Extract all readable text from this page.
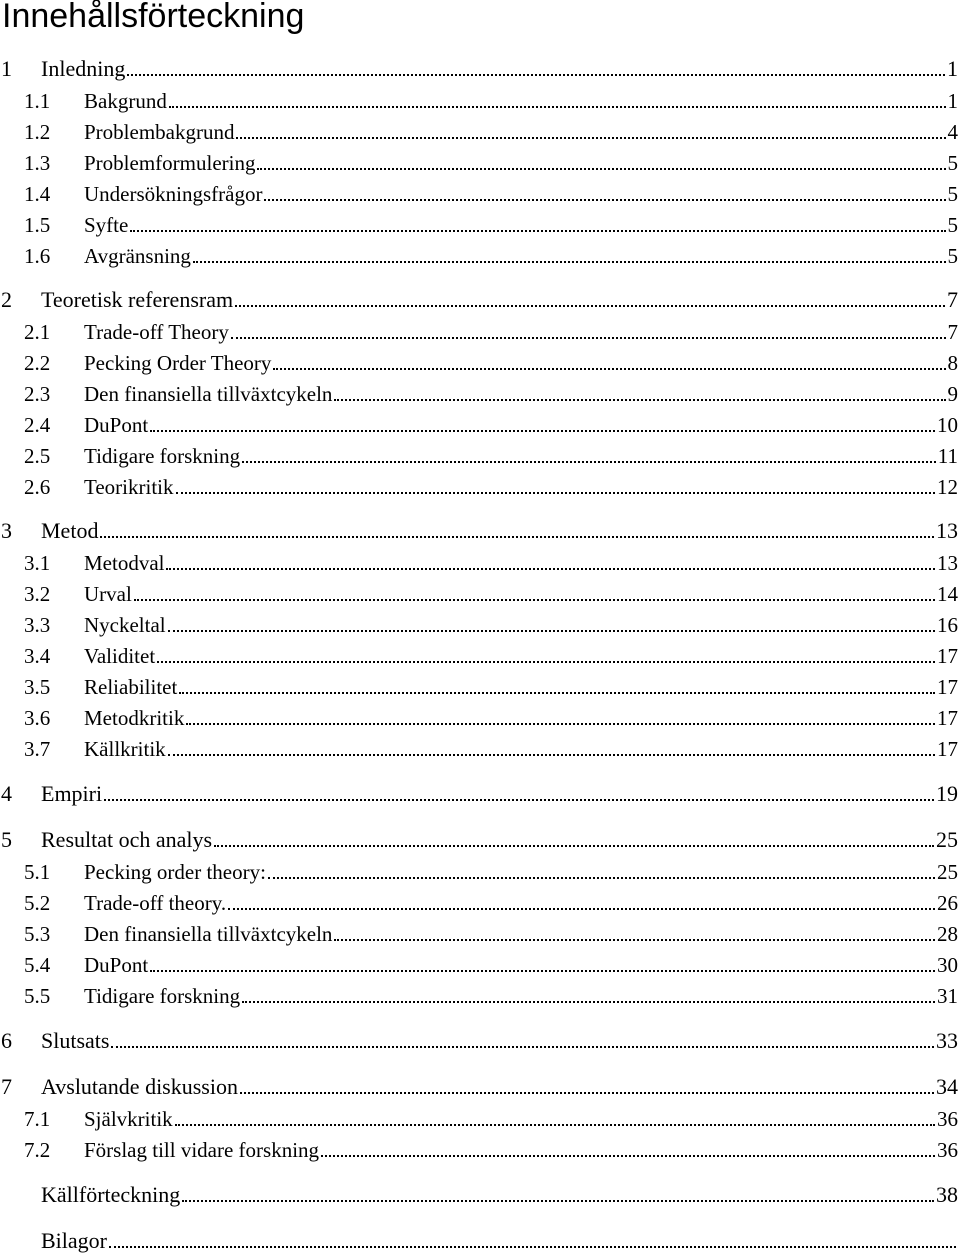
Innehållsförteckning
1	Inledning	1
1.1	Bakgrund	1
1.2	Problembakgrund	4
1.3	Problemformulering	5
1.4	Undersökningsfrågor	5
1.5	Syfte	5
1.6	Avgränsning	5
2	Teoretisk referensram	7
2.1	Trade-off Theory	7
2.2	Pecking Order Theory	8
2.3	Den finansiella tillväxtcykeln	9
2.4	DuPont	10
2.5	Tidigare forskning	11
2.6	Teorikritik	12
3	Metod	13
3.1	Metodval	13
3.2	Urval	14
3.3	Nyckeltal	16
3.4	Validitet	17
3.5	Reliabilitet	17
3.6	Metodkritik	17
3.7	Källkritik	17
4	Empiri	19
5	Resultat och analys	25
5.1	Pecking order theory:	25
5.2	Trade-off theory.	26
5.3	Den finansiella tillväxtcykeln	28
5.4	DuPont	30
5.5	Tidigare forskning	31
6	Slutsats	33
7	Avslutande diskussion	34
7.1	Självkritik	36
7.2	Förslag till vidare forskning	36
Källförteckning	38
Bilagor
